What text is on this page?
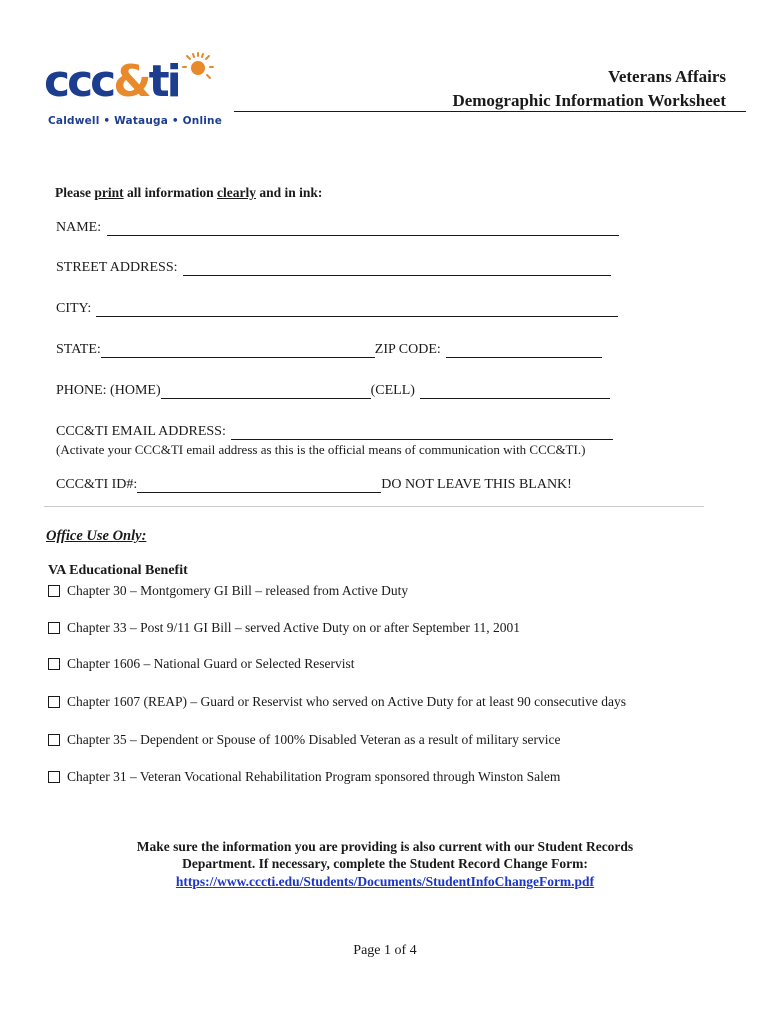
ccc&ti
Caldwell • Watauga • Online
Veterans Affairs
Demographic Information Worksheet
Please print all information clearly and in ink:
NAME:
STREET ADDRESS:
CITY:
STATE:	ZIP CODE:
PHONE: (HOME)	(CELL)
CCC&TI EMAIL ADDRESS:
(Activate your CCC&TI email address as this is the official means of communication with CCC&TI.)
CCC&TI ID#:	DO NOT LEAVE THIS BLANK!
Office Use Only:
VA Educational Benefit
Chapter 30 – Montgomery GI Bill – released from Active Duty
Chapter 33 – Post 9/11 GI Bill – served Active Duty on or after September 11, 2001
Chapter 1606 – National Guard or Selected Reservist
Chapter 1607 (REAP) – Guard or Reservist who served on Active Duty for at least 90 consecutive days
Chapter 35 – Dependent or Spouse of 100% Disabled Veteran as a result of military service
Chapter 31 – Veteran Vocational Rehabilitation Program sponsored through Winston Salem
Make sure the information you are providing is also current with our Student Records
Department. If necessary, complete the Student Record Change Form:
https://www.cccti.edu/Students/Documents/StudentInfoChangeForm.pdf
Page 1 of 4
